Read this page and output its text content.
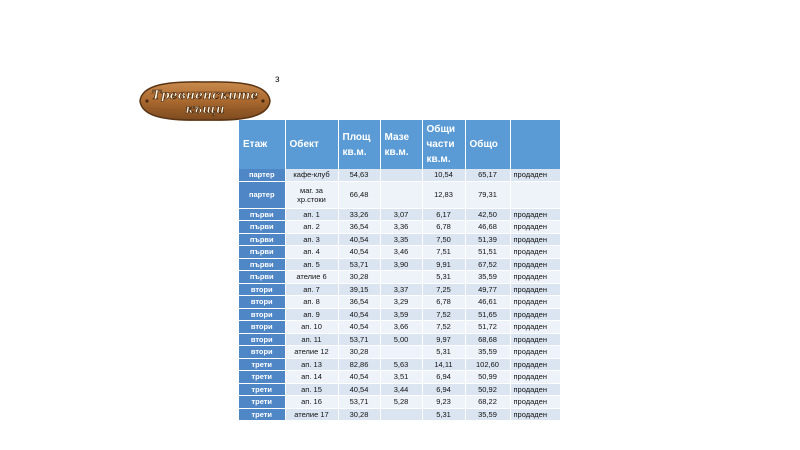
Тревненските
къщи
з
Етаж	Обект	Площ кв.м.	Мазе кв.м.	Общи части кв.м.	Общо	
партер	кафе-клуб	54,63		10,54	65,17	продаден
партер	маг. за хр.стоки	66,48		12,83	79,31	
първи	ап. 1	33,26	3,07	6,17	42,50	продаден
първи	ап. 2	36,54	3,36	6,78	46,68	продаден
първи	ап. 3	40,54	3,35	7,50	51,39	продаден
първи	ап. 4	40,54	3,46	7,51	51,51	продаден
първи	ап. 5	53,71	3,90	9,91	67,52	продаден
първи	ателие 6	30,28		5,31	35,59	продаден
втори	ап. 7	39,15	3,37	7,25	49,77	продаден
втори	ап. 8	36,54	3,29	6,78	46,61	продаден
втори	ап. 9	40,54	3,59	7,52	51,65	продаден
втори	ап. 10	40,54	3,66	7,52	51,72	продаден
втори	ап. 11	53,71	5,00	9,97	68,68	продаден
втори	ателие 12	30,28		5,31	35,59	продаден
трети	ап. 13	82,86	5,63	14,11	102,60	продаден
трети	ап. 14	40,54	3,51	6,94	50,99	продаден
трети	ап. 15	40,54	3,44	6,94	50,92	продаден
трети	ап. 16	53,71	5,28	9,23	68,22	продаден
трети	ателие 17	30,28		5,31	35,59	продаден
